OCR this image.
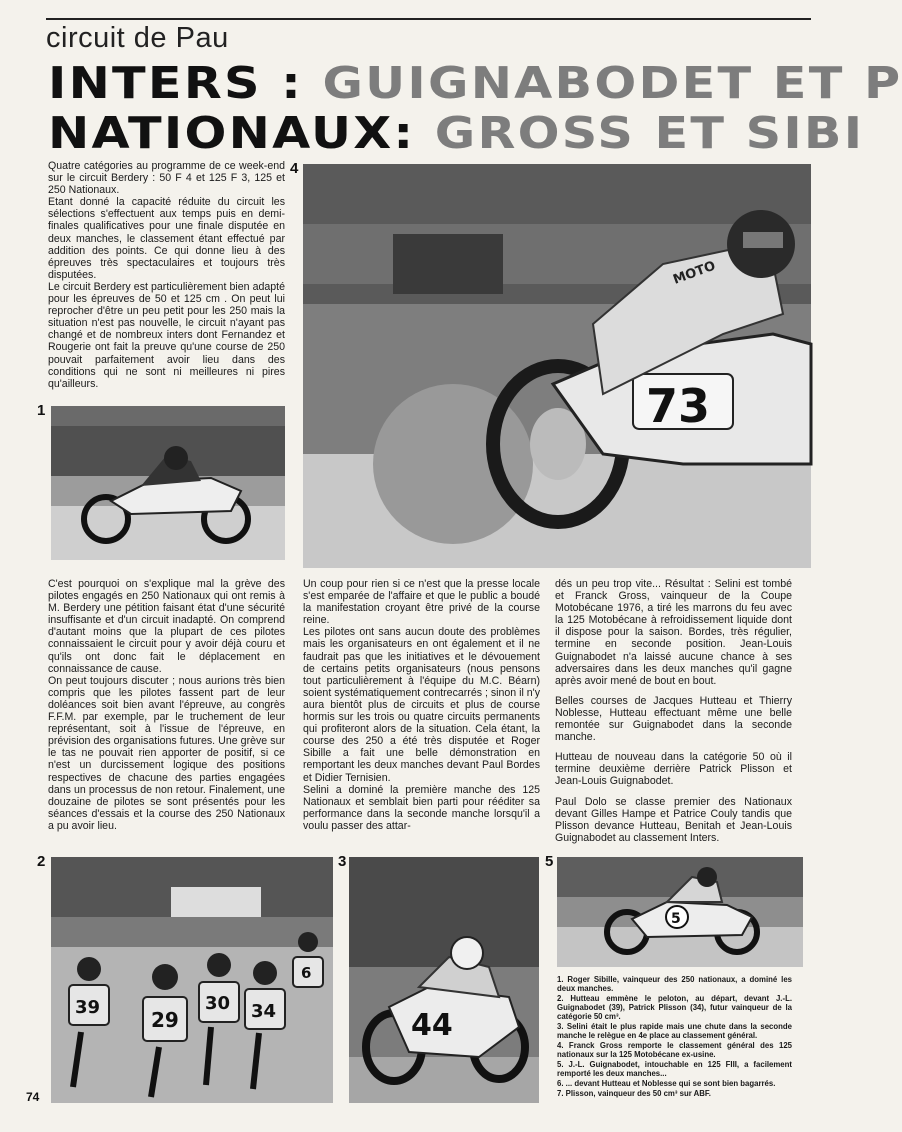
circuit de Pau
INTERS : GUIGNABODET ET P
NATIONAUX: GROSS ET SIBI

Quatre catégories au programme de ce week-end sur le circuit Berdery : 50 F 4 et 125 F 3, 125 et 250 Nationaux.

Etant donné la capacité réduite du circuit les sélections s'effectuent aux temps puis en demi-finales qualificatives pour une finale disputée en deux manches, le classement étant effectué par addition des points. Ce qui donne lieu à des épreuves très spectaculaires et toujours très disputées.

Le circuit Berdery est particulièrement bien adapté pour les épreuves de 50 et 125 cm . On peut lui reprocher d'être un peu petit pour les 250 mais la situation n'est pas nouvelle, le circuit n'ayant pas changé et de nombreux inters dont Fernandez et Rougerie ont fait la preuve qu'une course de 250 pouvait parfaitement avoir lieu dans des conditions qui ne sont ni meilleures ni pires qu'ailleurs.

4
73
MOTO
1

C'est pourquoi on s'explique mal la grève des pilotes engagés en 250 Nationaux qui ont remis à M. Berdery une pétition faisant état d'une sécurité insuffisante et d'un circuit inadapté. On comprend d'autant moins que la plupart de ces pilotes connaissaient le circuit pour y avoir déjà couru et qu'ils ont donc fait le déplacement en connaissance de cause.

On peut toujours discuter ; nous aurions très bien compris que les pilotes fassent part de leur doléances soit bien avant l'épreuve, au congrès F.F.M. par exemple, par le truchement de leur représentant, soit à l'issue de l'épreuve, en prévision des organisations futures. Une grève sur le tas ne pouvait rien apporter de positif, si ce n'est un durcissement logique des positions respectives de chacune des parties engagées dans un processus de non retour. Finalement, une douzaine de pilotes se sont présentés pour les séances d'essais et la course des 250 Nationaux a pu avoir lieu.

Un coup pour rien si ce n'est que la presse locale s'est emparée de l'affaire et que le public a boudé la manifestation croyant être privé de la course reine.

Les pilotes ont sans aucun doute des problèmes mais les organisateurs en ont également et il ne faudrait pas que les initiatives et le dévouement de certains petits organisateurs (nous pensons tout particulièrement à l'équipe du M.C. Béarn) soient systématiquement contrecarrés ; sinon il n'y aura bientôt plus de circuits et plus de course hormis sur les trois ou quatre circuits permanents qui profiteront alors de la situation. Cela étant, la course des 250 a été très disputée et Roger Sibille a fait une belle démonstration en remportant les deux manches devant Paul Bordes et Didier Ternisien.

Selini a dominé la première manche des 125 Nationaux et semblait bien parti pour rééditer sa performance dans la seconde manche lorsqu'il a voulu passer des attar-

dés un peu trop vite... Résultat : Selini est tombé et Franck Gross, vainqueur de la Coupe Motobécane 1976, a tiré les marrons du feu avec la 125 Motobécane à refroidissement liquide dont il dispose pour la saison. Bordes, très régulier, termine en seconde position. Jean-Louis Guignabodet n'a laissé aucune chance à ses adversaires dans les deux manches qu'il gagne après avoir mené de bout en bout.

Belles courses de Jacques Hutteau et Thierry Noblesse, Hutteau effectuant même une belle remontée sur Guignabodet dans la seconde manche.

Hutteau de nouveau dans la catégorie 50 où il termine deuxième derrière Patrick Plisson et Jean-Louis Guignabodet.

Paul Dolo se classe premier des Nationaux devant Gilles Hampe et Patrice Couly tandis que Plisson devance Hutteau, Benitah et Jean-Louis Guignabodet au classement Inters.

2
39
29
30 34
6
3
44
5
5

1. Roger Sibille, vainqueur des 250 nationaux, a dominé les deux manches.

2. Hutteau emmène le peloton, au départ, devant J.-L. Guignabodet (39), Patrick Plisson (34), futur vainqueur de la catégorie 50 cm³.

3. Selini était le plus rapide mais une chute dans la seconde manche le relègue en 4e place au classement général.

4. Franck Gross remporte le classement général des 125 nationaux sur la 125 Motobécane ex-usine.

5. J.-L. Guignabodet, intouchable en 125 FIII, a facilement remporté les deux manches...

6. ... devant Hutteau et Noblesse qui se sont bien bagarrés.

7. Plisson, vainqueur des 50 cm³ sur ABF.

74
